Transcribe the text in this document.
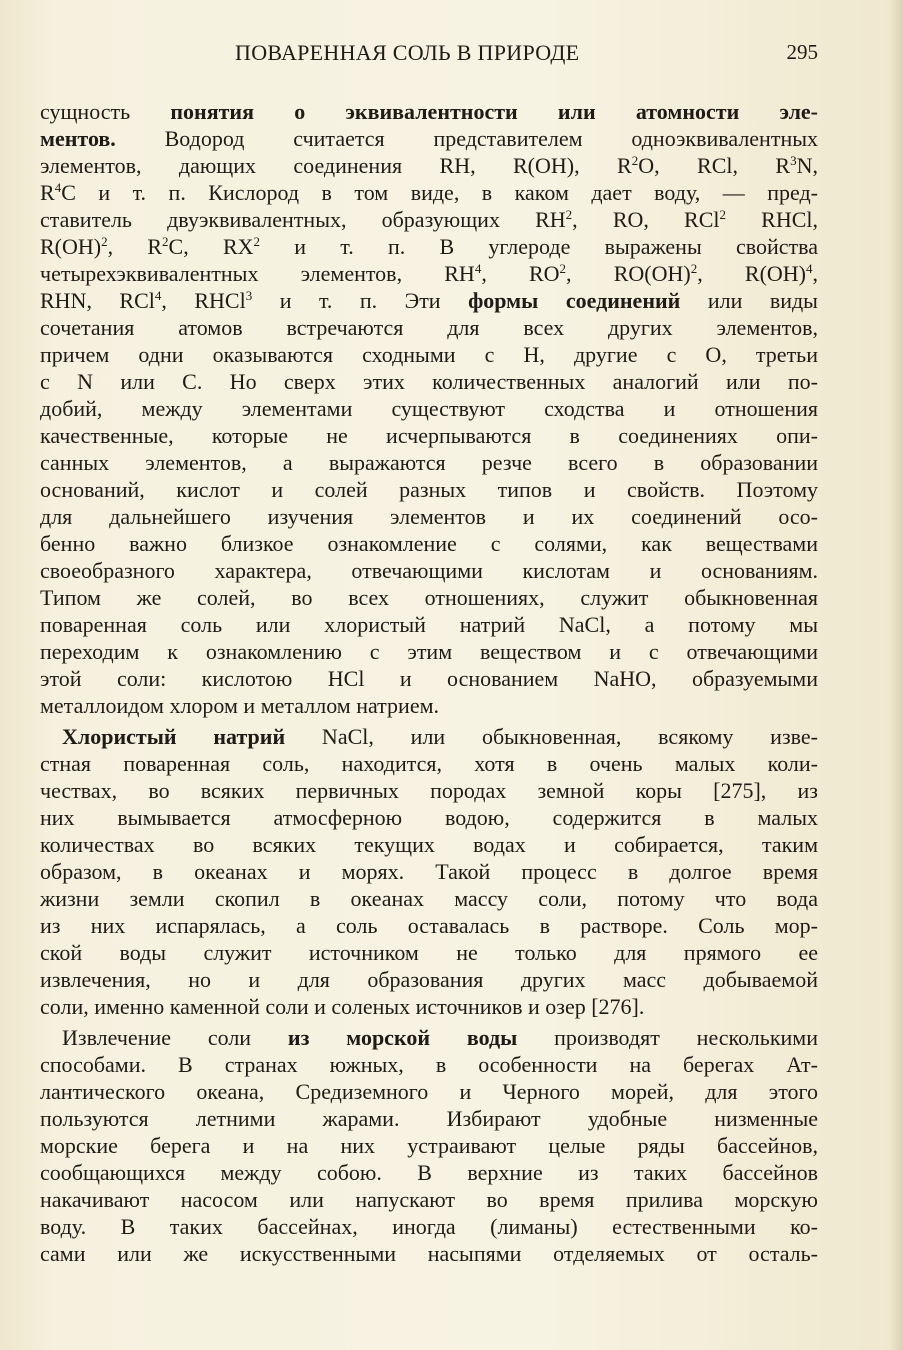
ПОВАРЕННАЯ СОЛЬ В ПРИРОДЕ	295
сущность понятия о эквивалентности или атомности эле-
ментов. Водород считается представителем одноэквивалентных
элементов, дающих соединения RH, R(OH), $R^2O$, RCl, $R^3N$,
$R^4C$ и т. п. Кислород в том виде, в каком дает воду, — пред-
ставитель двуэквивалентных, образующих $RH^2$, RO, RCl$^2$ RHCl,
R(OH)$^2$, $R^2C$, $RX^2$ и т. п. В углероде выражены свойства
четырехэквивалентных элементов, $RH^4$, $RO^2$, RO(OH)$^2$, R(OH)$^4$,
RHN, RCl$^4$, RHCl$^3$ и т. п. Эти формы соединений или виды
сочетания атомов встречаются для всех других элементов,
причем одни оказываются сходными с H, другие с O, третьи
с N или C. Но сверх этих количественных аналогий или по-
добий, между элементами существуют сходства и отношения
качественные, которые не исчерпываются в соединениях опи-
санных элементов, а выражаются резче всего в образовании
оснований, кислот и солей разных типов и свойств. Поэтому
для дальнейшего изучения элементов и их соединений осо-
бенно важно близкое ознакомление с солями, как веществами
своеобразного характера, отвечающими кислотам и основаниям.
Типом же солей, во всех отношениях, служит обыкновенная
поваренная соль или хлористый натрий NaCl, а потому мы
переходим к ознакомлению с этим веществом и с отвечающими
этой соли: кислотою HCl и основанием NaHO, образуемыми
металлоидом хлором и металлом натрием.
Хлористый натрий NaCl, или обыкновенная, всякому изве-
стная поваренная соль, находится, хотя в очень малых коли-
чествах, во всяких первичных породах земной коры [275], из
них вымывается атмосферною водою, содержится в малых
количествах во всяких текущих водах и собирается, таким
образом, в океанах и морях. Такой процесс в долгое время
жизни земли скопил в океанах массу соли, потому что вода
из них испарялась, а соль оставалась в растворе. Соль мор-
ской воды служит источником не только для прямого ее
извлечения, но и для образования других масс добываемой
соли, именно каменной соли и соленых источников и озер [276].
Извлечение соли из морской воды производят несколькими
способами. В странах южных, в особенности на берегах Ат-
лантического океана, Средиземного и Черного морей, для этого
пользуются летними жарами. Избирают удобные низменные
морские берега и на них устраивают целые ряды бассейнов,
сообщающихся между собою. В верхние из таких бассейнов
накачивают насосом или напускают во время прилива морскую
воду. В таких бассейнах, иногда (лиманы) естественными ко-
сами или же искусственными насыпями отделяемых от осталь-
